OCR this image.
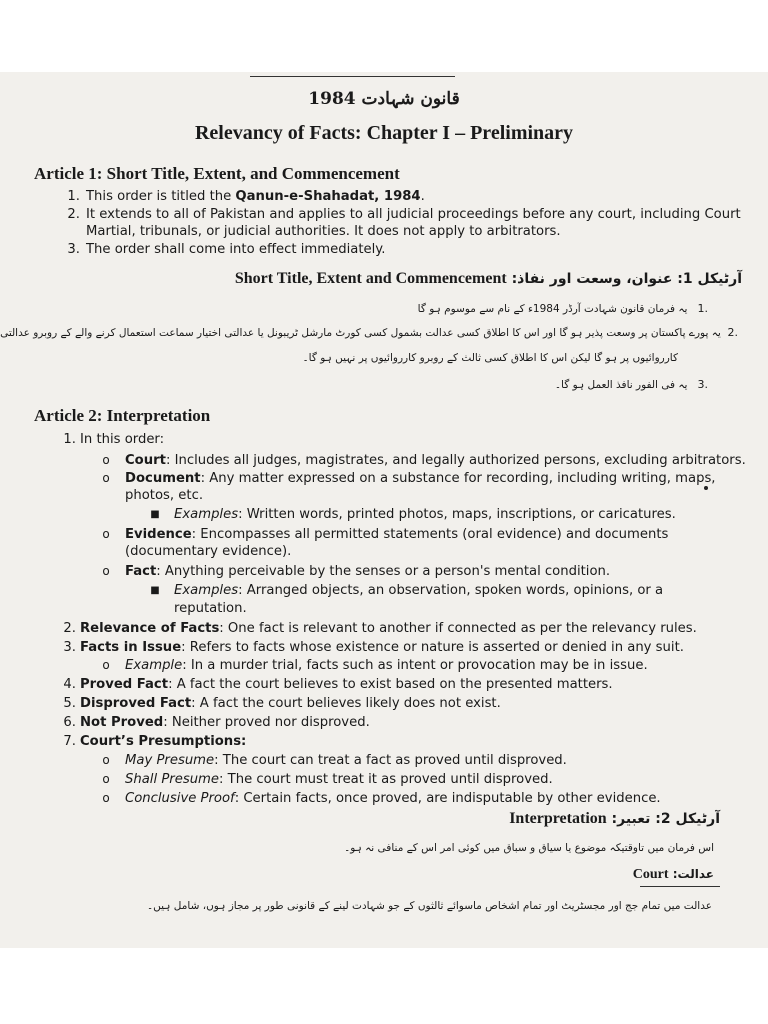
قانون شہادت 1984
Relevancy of Facts: Chapter I – Preliminary
Article 1: Short Title, Extent, and Commencement
1. This order is titled the Qanun-e-Shahadat, 1984.
2. It extends to all of Pakistan and applies to all judicial proceedings before any court, including Court
Martial, tribunals, or judicial authorities. It does not apply to arbitrators.
3. The order shall come into effect immediately.
آرٹیکل 1: عنوان، وسعت اور نفاذ: Short Title, Extent and Commencement
.1   یہ فرمان قانون شہادت آرڈر 1984ء کے نام سے موسوم ہو گا
.2  یہ پورے پاکستان پر وسعت پذیر ہو گا اور اس کا اطلاق کسی عدالت بشمول کسی کورٹ مارشل ٹریبونل یا عدالتی اختیار سماعت استعمال کرنے والے کے روبرو عدالتی
کارروائیوں پر ہو گا لیکن اس کا اطلاق کسی ثالث کے روبرو کارروائیوں پر نہیں ہو گا۔
.3   یہ فی الفور نافذ العمل ہو گا۔
Article 2: Interpretation
1. In this order:
o Court: Includes all judges, magistrates, and legally authorized persons, excluding arbitrators.
o Document: Any matter expressed on a substance for recording, including writing, maps,
photos, etc.
■ Examples: Written words, printed photos, maps, inscriptions, or caricatures.
o Evidence: Encompasses all permitted statements (oral evidence) and documents
(documentary evidence).
o Fact: Anything perceivable by the senses or a person's mental condition.
■ Examples: Arranged objects, an observation, spoken words, opinions, or a
reputation.
2. Relevance of Facts: One fact is relevant to another if connected as per the relevancy rules.
3. Facts in Issue: Refers to facts whose existence or nature is asserted or denied in any suit.
o Example: In a murder trial, facts such as intent or provocation may be in issue.
4. Proved Fact: A fact the court believes to exist based on the presented matters.
5. Disproved Fact: A fact the court believes likely does not exist.
6. Not Proved: Neither proved nor disproved.
7. Court’s Presumptions:
o May Presume: The court can treat a fact as proved until disproved.
o Shall Presume: The court must treat it as proved until disproved.
o Conclusive Proof: Certain facts, once proved, are indisputable by other evidence.
آرٹیکل 2: تعبیر: Interpretation
اس فرمان میں تاوقتیکہ موضوع یا سیاق و سباق میں کوئی امر اس کے منافی نہ ہو۔
عدالت: Court
عدالت میں تمام جج اور مجسٹریٹ اور تمام اشخاص ماسوائے ثالثوں کے جو شہادت لینے کے قانونی طور پر مجاز ہوں، شامل ہیں۔
